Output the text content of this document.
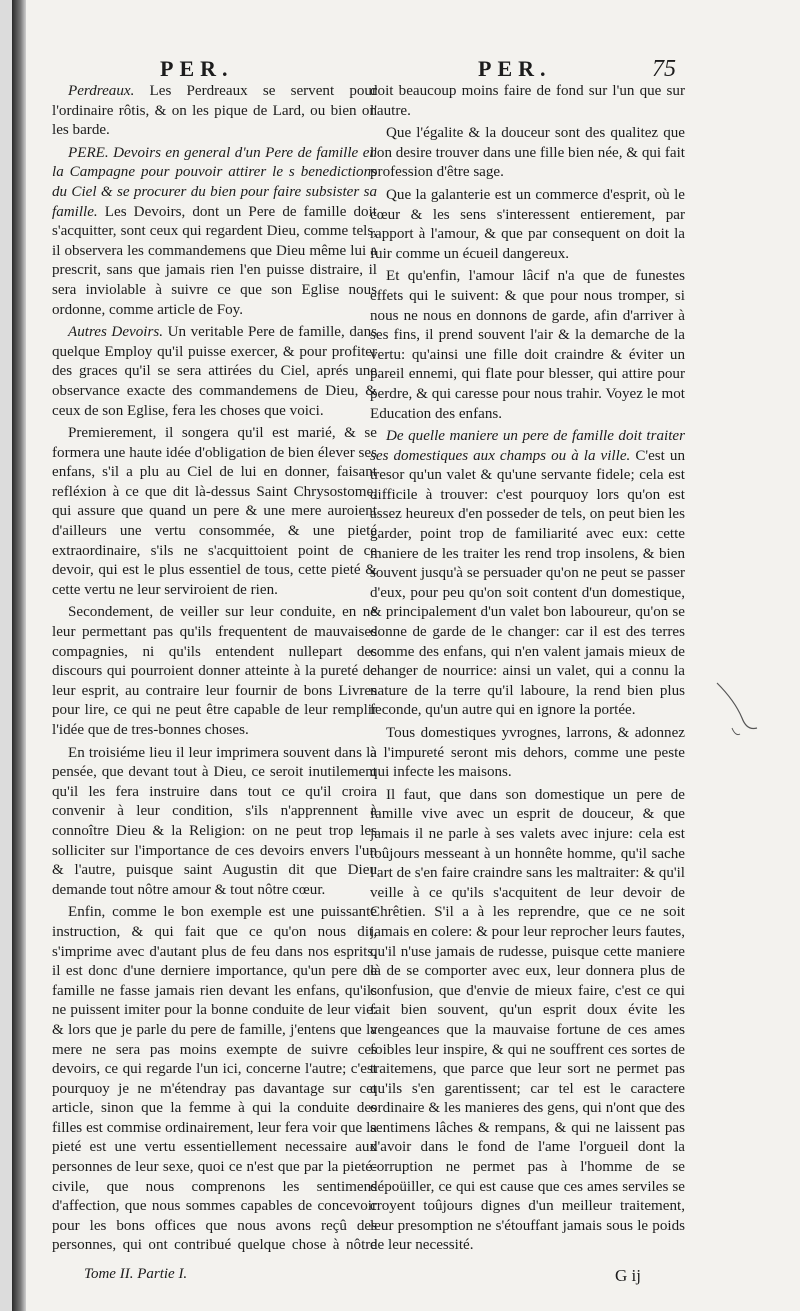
PER.	PER.	75

Perdreaux. Les Perdreaux se servent pour l'ordinaire rôtis, & on les pique de Lard, ou bien on les barde.

PERE. Devoirs en general d'un Pere de famille en la Campagne pour pouvoir attirer le s benedictions du Ciel & se procurer du bien pour faire subsister sa famille. Les Devoirs, dont un Pere de famille doit s'acquitter, sont ceux qui regardent Dieu, comme tels, il observera les commandemens que Dieu même lui a prescrit, sans que jamais rien l'en puisse distraire, il sera inviolable à suivre ce que son Eglise nous ordonne, comme article de Foy.

Autres Devoirs. Un veritable Pere de famille, dans quelque Employ qu'il puisse exercer, & pour profiter des graces qu'il se sera attirées du Ciel, aprés une observance exacte des commandemens de Dieu, & ceux de son Eglise, fera les choses que voici.

Premierement, il songera qu'il est marié, & se formera une haute idée d'obligation de bien élever ses enfans, s'il a plu au Ciel de lui en donner, faisant refléxion à ce que dit là-dessus Saint Chrysostome, qui assure que quand un pere & une mere auroient d'ailleurs une vertu consommée, & une pieté extraordinaire, s'ils ne s'acquittoient point de ce devoir, qui est le plus essentiel de tous, cette pieté & cette vertu ne leur serviroient de rien.

Secondement, de veiller sur leur conduite, en ne leur permettant pas qu'ils frequentent de mauvaises compagnies, ni qu'ils entendent nullepart des discours qui pourroient donner atteinte à la pureté de leur esprit, au contraire leur fournir de bons Livres pour lire, ce qui ne peut être capable de leur remplir l'idée que de tres-bonnes choses.

En troisiéme lieu il leur imprimera souvent dans la pensée, que devant tout à Dieu, ce seroit inutilement qu'il les fera instruire dans tout ce qu'il croira convenir à leur condition, s'ils n'apprennent à connoître Dieu & la Religion: on ne peut trop les solliciter sur l'importance de ces devoirs envers l'un & l'autre, puisque saint Augustin dit que Dieu demande tout nôtre amour & tout nôtre cœur.

Enfin, comme le bon exemple est une puissante instruction, & qui fait que ce qu'on nous dit, s'imprime avec d'autant plus de feu dans nos esprits, il est donc d'une derniere importance, qu'un pere de famille ne fasse jamais rien devant les enfans, qu'ils ne puissent imiter pour la bonne conduite de leur vie: & lors que je parle du pere de famille, j'entens que la mere ne sera pas moins exempte de suivre ces devoirs, ce qui regarde l'un ici, concerne l'autre; c'est pourquoy je ne m'étendray pas davantage sur cet article, sinon que la femme à qui la conduite des filles est commise ordinairement, leur fera voir que la pieté est une vertu essentiellement necessaire aux personnes de leur sexe, quoi ce n'est que par la pieté-civile, que nous comprenons les sentimens d'affection, que nous sommes capables de concevoir pour les bons offices que nous avons reçû des personnes, qui ont contribué quelque chose à nôtre

doit beaucoup moins faire de fond sur l'un que sur l'autre.

Que l'égalite & la douceur sont des qualitez que l'on desire trouver dans une fille bien née, & qui fait profession d'être sage.

Que la galanterie est un commerce d'esprit, où le cœur & les sens s'interessent entierement, par rapport à l'amour, & que par consequent on doit la fuir comme un écueil dangereux.

Et qu'enfin, l'amour lâcif n'a que de funestes effets qui le suivent: & que pour nous tromper, si nous ne nous en donnons de garde, afin d'arriver à ses fins, il prend souvent l'air & la demarche de la vertu: qu'ainsi une fille doit craindre & éviter un pareil ennemi, qui flate pour blesser, qui attire pour perdre, & qui caresse pour nous trahir. Voyez le mot Education des enfans.

De quelle maniere un pere de famille doit traiter ses domestiques aux champs ou à la ville. C'est un tresor qu'un valet & qu'une servante fidele; cela est difficile à trouver: c'est pourquoy lors qu'on est assez heureux d'en posseder de tels, on peut bien les garder, point trop de familiarité avec eux: cette maniere de les traiter les rend trop insolens, & bien souvent jusqu'à se persuader qu'on ne peut se passer d'eux, pour peu qu'on soit content d'un domestique, & principalement d'un valet bon laboureur, qu'on se donne de garde de le changer: car il est des terres comme des enfans, qui n'en valent jamais mieux de changer de nourrice: ainsi un valet, qui a connu la nature de la terre qu'il laboure, la rend bien plus feconde, qu'un autre qui en ignore la portée.

Tous domestiques yvrognes, larrons, & adonnez à l'impureté seront mis dehors, comme une peste qui infecte les maisons.

Il faut, que dans son domestique un pere de famille vive avec un esprit de douceur, & que jamais il ne parle à ses valets avec injure: cela est toûjours messeant à un honnête homme, qu'il sache l'art de s'en faire craindre sans les maltraiter: & qu'il veille à ce qu'ils s'acquitent de leur devoir de Chrêtien. S'il a à les reprendre, que ce ne soit jamais en colere: & pour leur reprocher leurs fautes, qu'il n'use jamais de rudesse, puisque cette maniere là de se comporter avec eux, leur donnera plus de confusion, que d'envie de mieux faire, c'est ce qui fait bien souvent, qu'un esprit doux évite les vengeances que la mauvaise fortune de ces ames foibles leur inspire, & qui ne souffrent ces sortes de traitemens, que parce que leur sort ne permet pas qu'ils s'en garentissent; car tel est le caractere ordinaire & les manieres des gens, qui n'ont que des sentimens lâches & rempans, & qui ne laissent pas d'avoir dans le fond de l'ame l'orgueil dont la corruption ne permet pas à l'homme de se dépoüiller, ce qui est cause que ces ames serviles se croyent toûjours dignes d'un meilleur traitement, leur presomption ne s'étouffant jamais sous le poids de leur necessité.

Tome II. Partie I.	G ij
